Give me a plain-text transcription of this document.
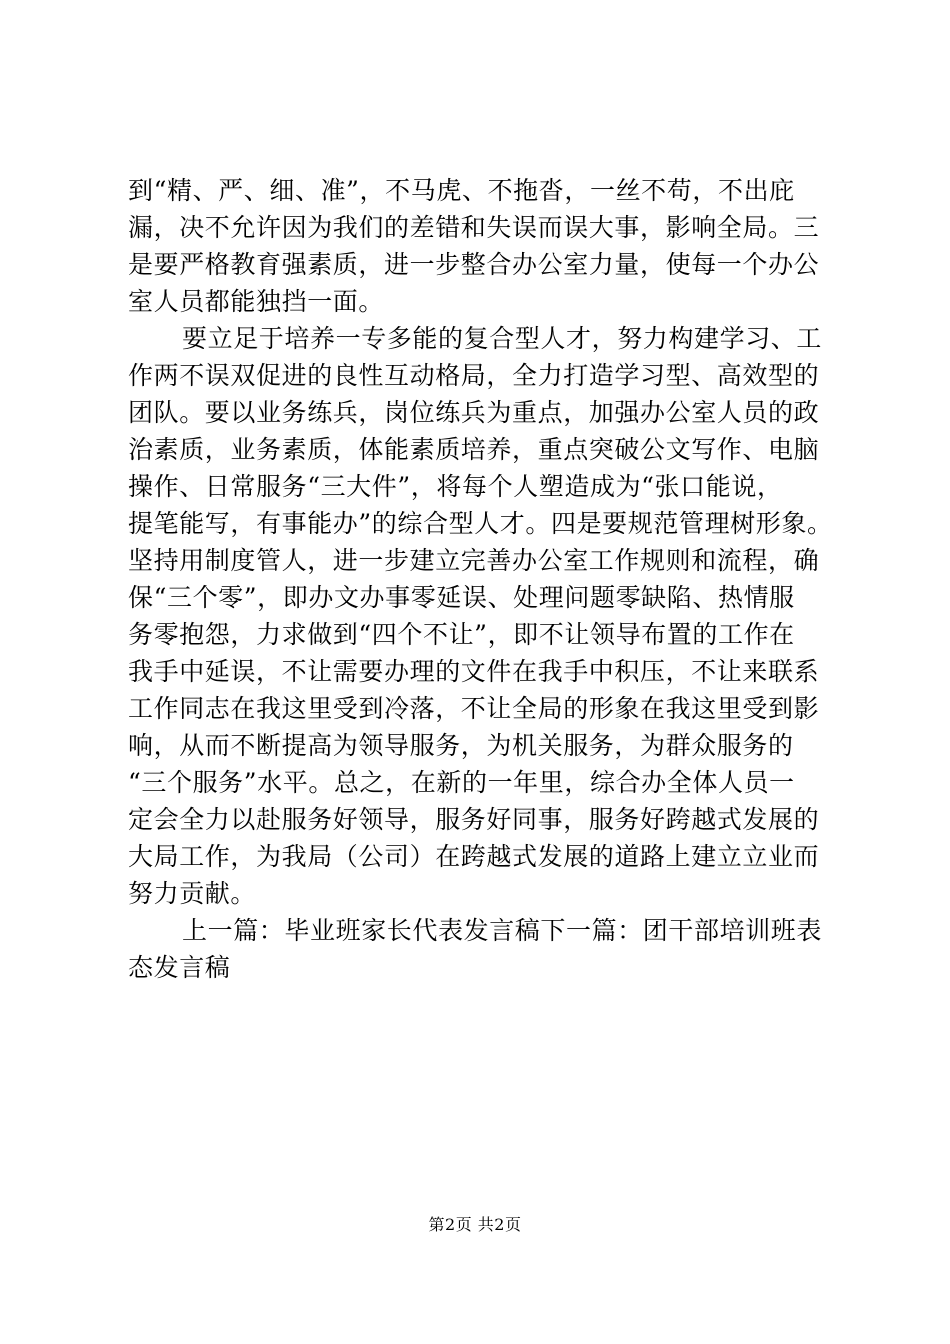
到“精、严、细、准”，不马虎、不拖沓，一丝不苟，不出庇
漏，决不允许因为我们的差错和失误而误大事，影响全局。三
是要严格教育强素质，进一步整合办公室力量，使每一个办公
室人员都能独挡一面。
要立足于培养一专多能的复合型人才，努力构建学习、工
作两不误双促进的良性互动格局，全力打造学习型、高效型的
团队。要以业务练兵，岗位练兵为重点，加强办公室人员的政
治素质，业务素质，体能素质培养，重点突破公文写作、电脑
操作、日常服务“三大件”，将每个人塑造成为“张口能说，
提笔能写，有事能办”的综合型人才。四是要规范管理树形象。
坚持用制度管人，进一步建立完善办公室工作规则和流程，确
保“三个零”，即办文办事零延误、处理问题零缺陷、热情服
务零抱怨，力求做到“四个不让”，即不让领导布置的工作在
我手中延误，不让需要办理的文件在我手中积压，不让来联系
工作同志在我这里受到冷落，不让全局的形象在我这里受到影
响，从而不断提高为领导服务，为机关服务，为群众服务的
“三个服务”水平。总之，在新的一年里，综合办全体人员一
定会全力以赴服务好领导，服务好同事，服务好跨越式发展的
大局工作，为我局（公司）在跨越式发展的道路上建立立业而
努力贡献。
上一篇：毕业班家长代表发言稿下一篇：团干部培训班表
态发言稿
第2页 共2页
